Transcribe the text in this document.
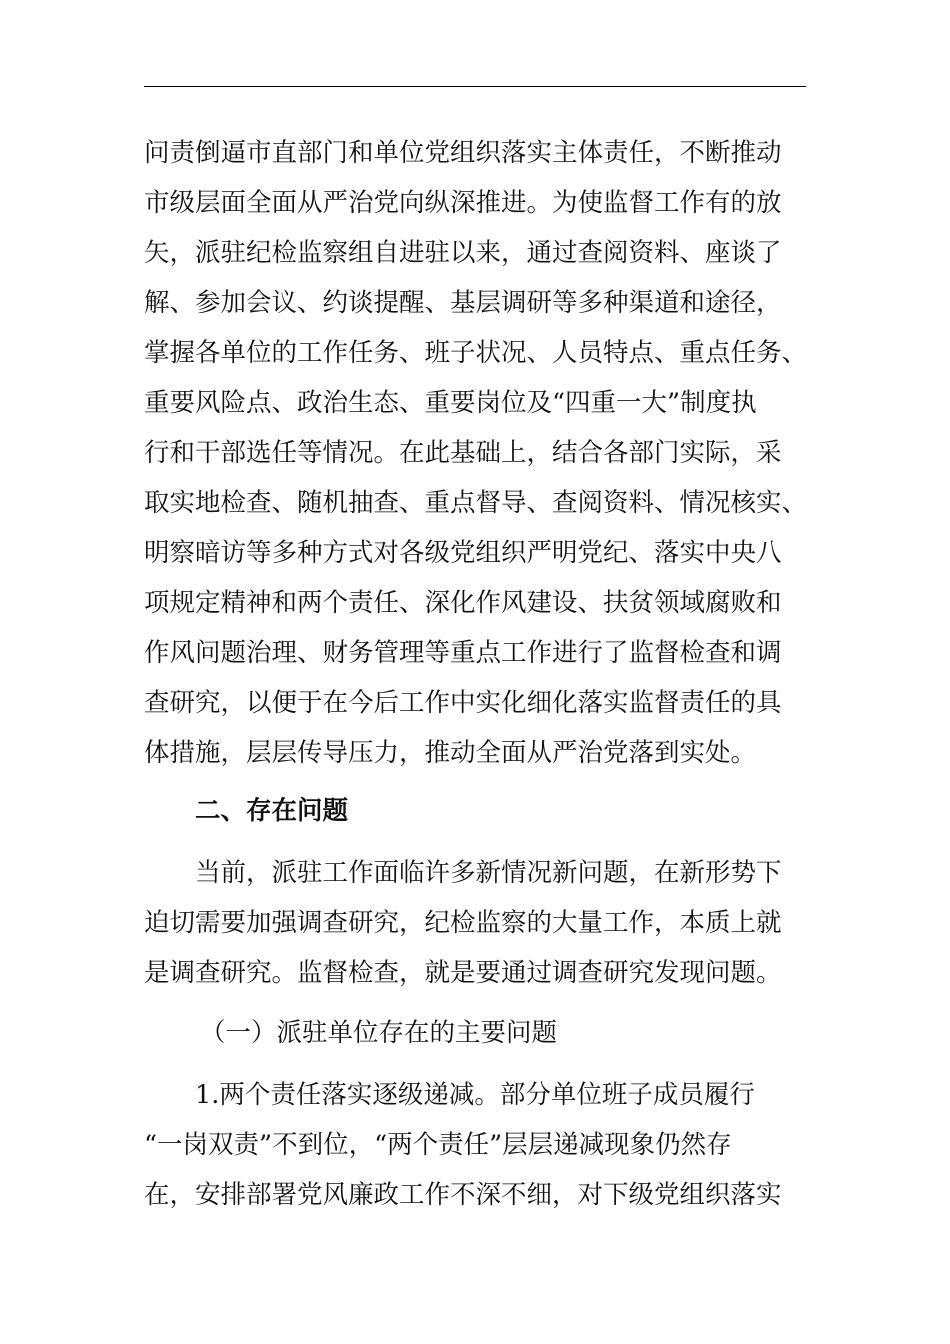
问责倒逼市直部门和单位党组织落实主体责任，不断推动
市级层面全面从严治党向纵深推进。为使监督工作有的放
矢，派驻纪检监察组自进驻以来，通过查阅资料、座谈了
解、参加会议、约谈提醒、基层调研等多种渠道和途径，
掌握各单位的工作任务、班子状况、人员特点、重点任务、
重要风险点、政治生态、重要岗位及“四重一大”制度执
行和干部选任等情况。在此基础上，结合各部门实际，采
取实地检查、随机抽查、重点督导、查阅资料、情况核实、
明察暗访等多种方式对各级党组织严明党纪、落实中央八
项规定精神和两个责任、深化作风建设、扶贫领域腐败和
作风问题治理、财务管理等重点工作进行了监督检查和调
查研究，以便于在今后工作中实化细化落实监督责任的具
体措施，层层传导压力，推动全面从严治党落到实处。
二、存在问题
当前，派驻工作面临许多新情况新问题，在新形势下
迫切需要加强调查研究，纪检监察的大量工作，本质上就
是调查研究。监督检查，就是要通过调查研究发现问题。
（一）派驻单位存在的主要问题
1.两个责任落实逐级递减。部分单位班子成员履行
“一岗双责”不到位，“两个责任”层层递减现象仍然存
在，安排部署党风廉政工作不深不细，对下级党组织落实
